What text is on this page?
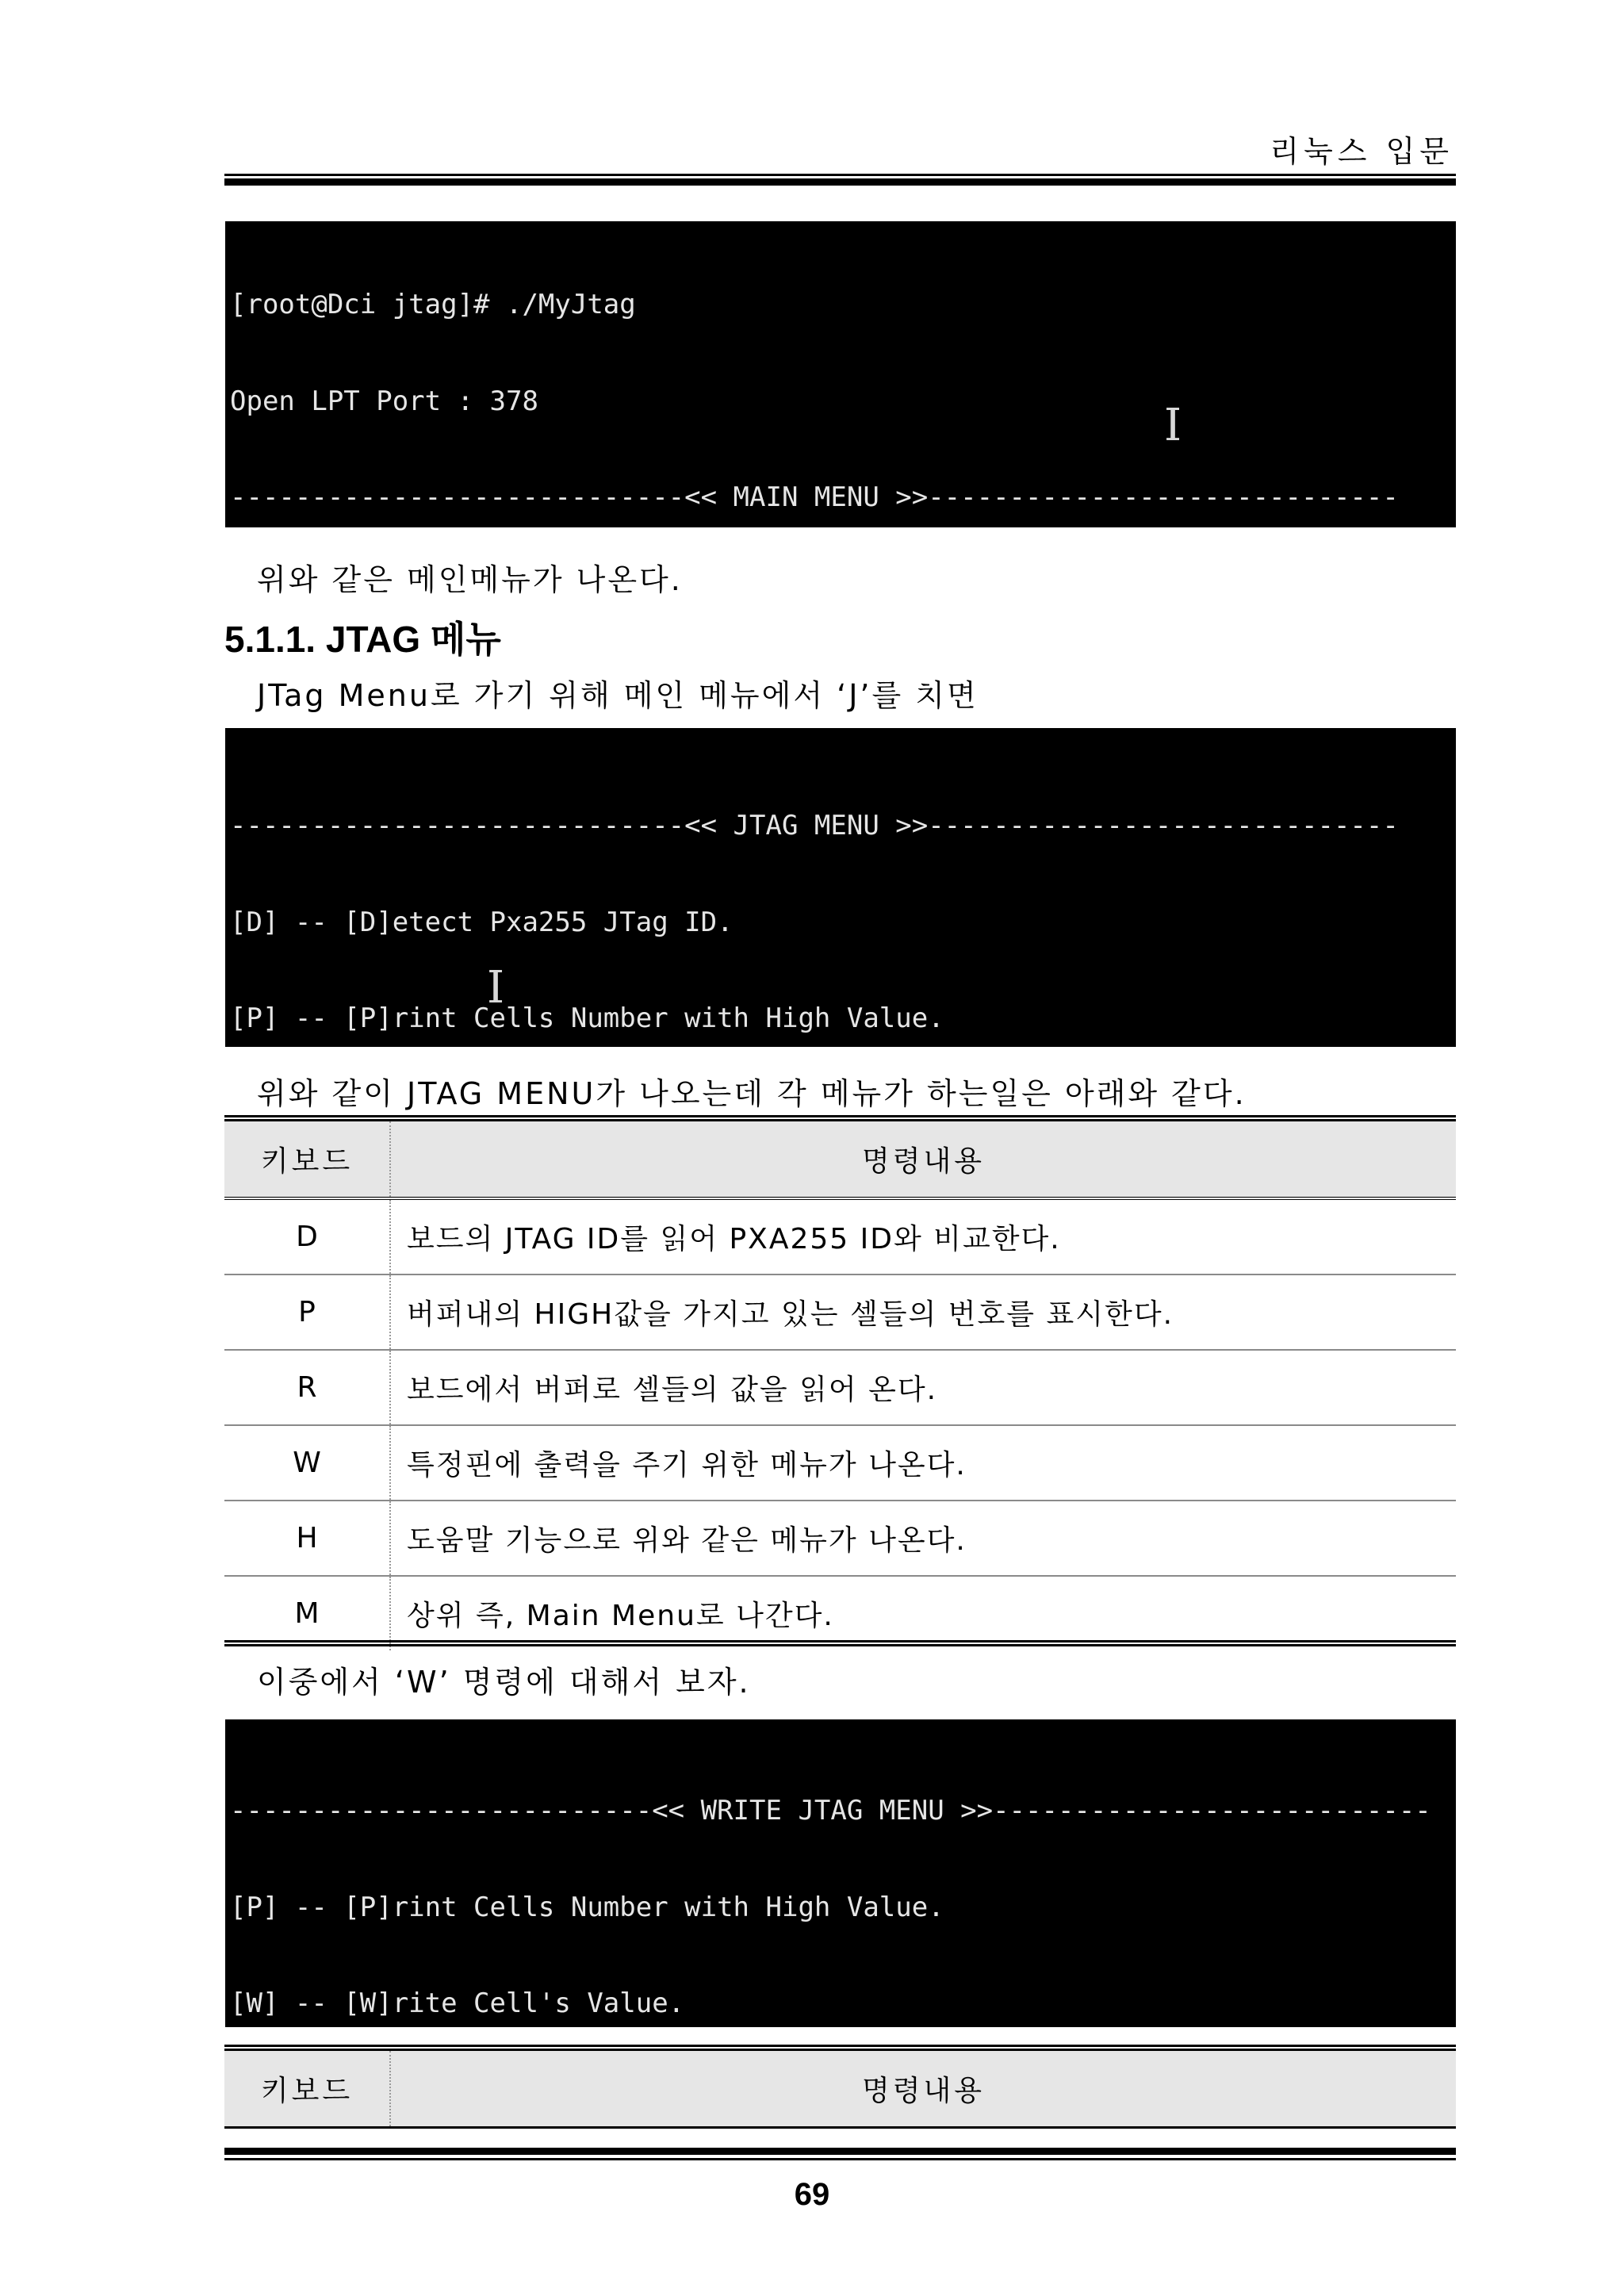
리눅스 입문

[root@Dci jtag]# ./MyJtag

Open LPT Port : 378

----------------------------<< MAIN MENU >>-----------------------------

I

위와 같은 메인메뉴가 나온다.
5.1.1. JTAG 메뉴
JTag Menu로 가기 위해 메인 메뉴에서 ‘J’를 치면

----------------------------<< JTAG MENU >>-----------------------------

[D] -- [D]etect Pxa255 JTag ID.

[P] -- [P]rint Cells Number with High Value.

I

위와 같이 JTAG MENU가 나오는데 각 메뉴가 하는일은 아래와 같다.
키보드	명령내용
D	보드의 JTAG ID를 읽어 PXA255 ID와 비교한다.
P	버퍼내의 HIGH값을 가지고 있는 셀들의 번호를 표시한다.
R	보드에서 버퍼로 셀들의 값을 읽어 온다.
W	특정핀에 출력을 주기 위한 메뉴가 나온다.
H	도움말 기능으로 위와 같은 메뉴가 나온다.
M	상위 즉, Main Menu로 나간다.
이중에서 ‘W’ 명령에 대해서 보자.

--------------------------<< WRITE JTAG MENU >>---------------------------

[P] -- [P]rint Cells Number with High Value.

[W] -- [W]rite Cell's Value.

키보드	명령내용
69
